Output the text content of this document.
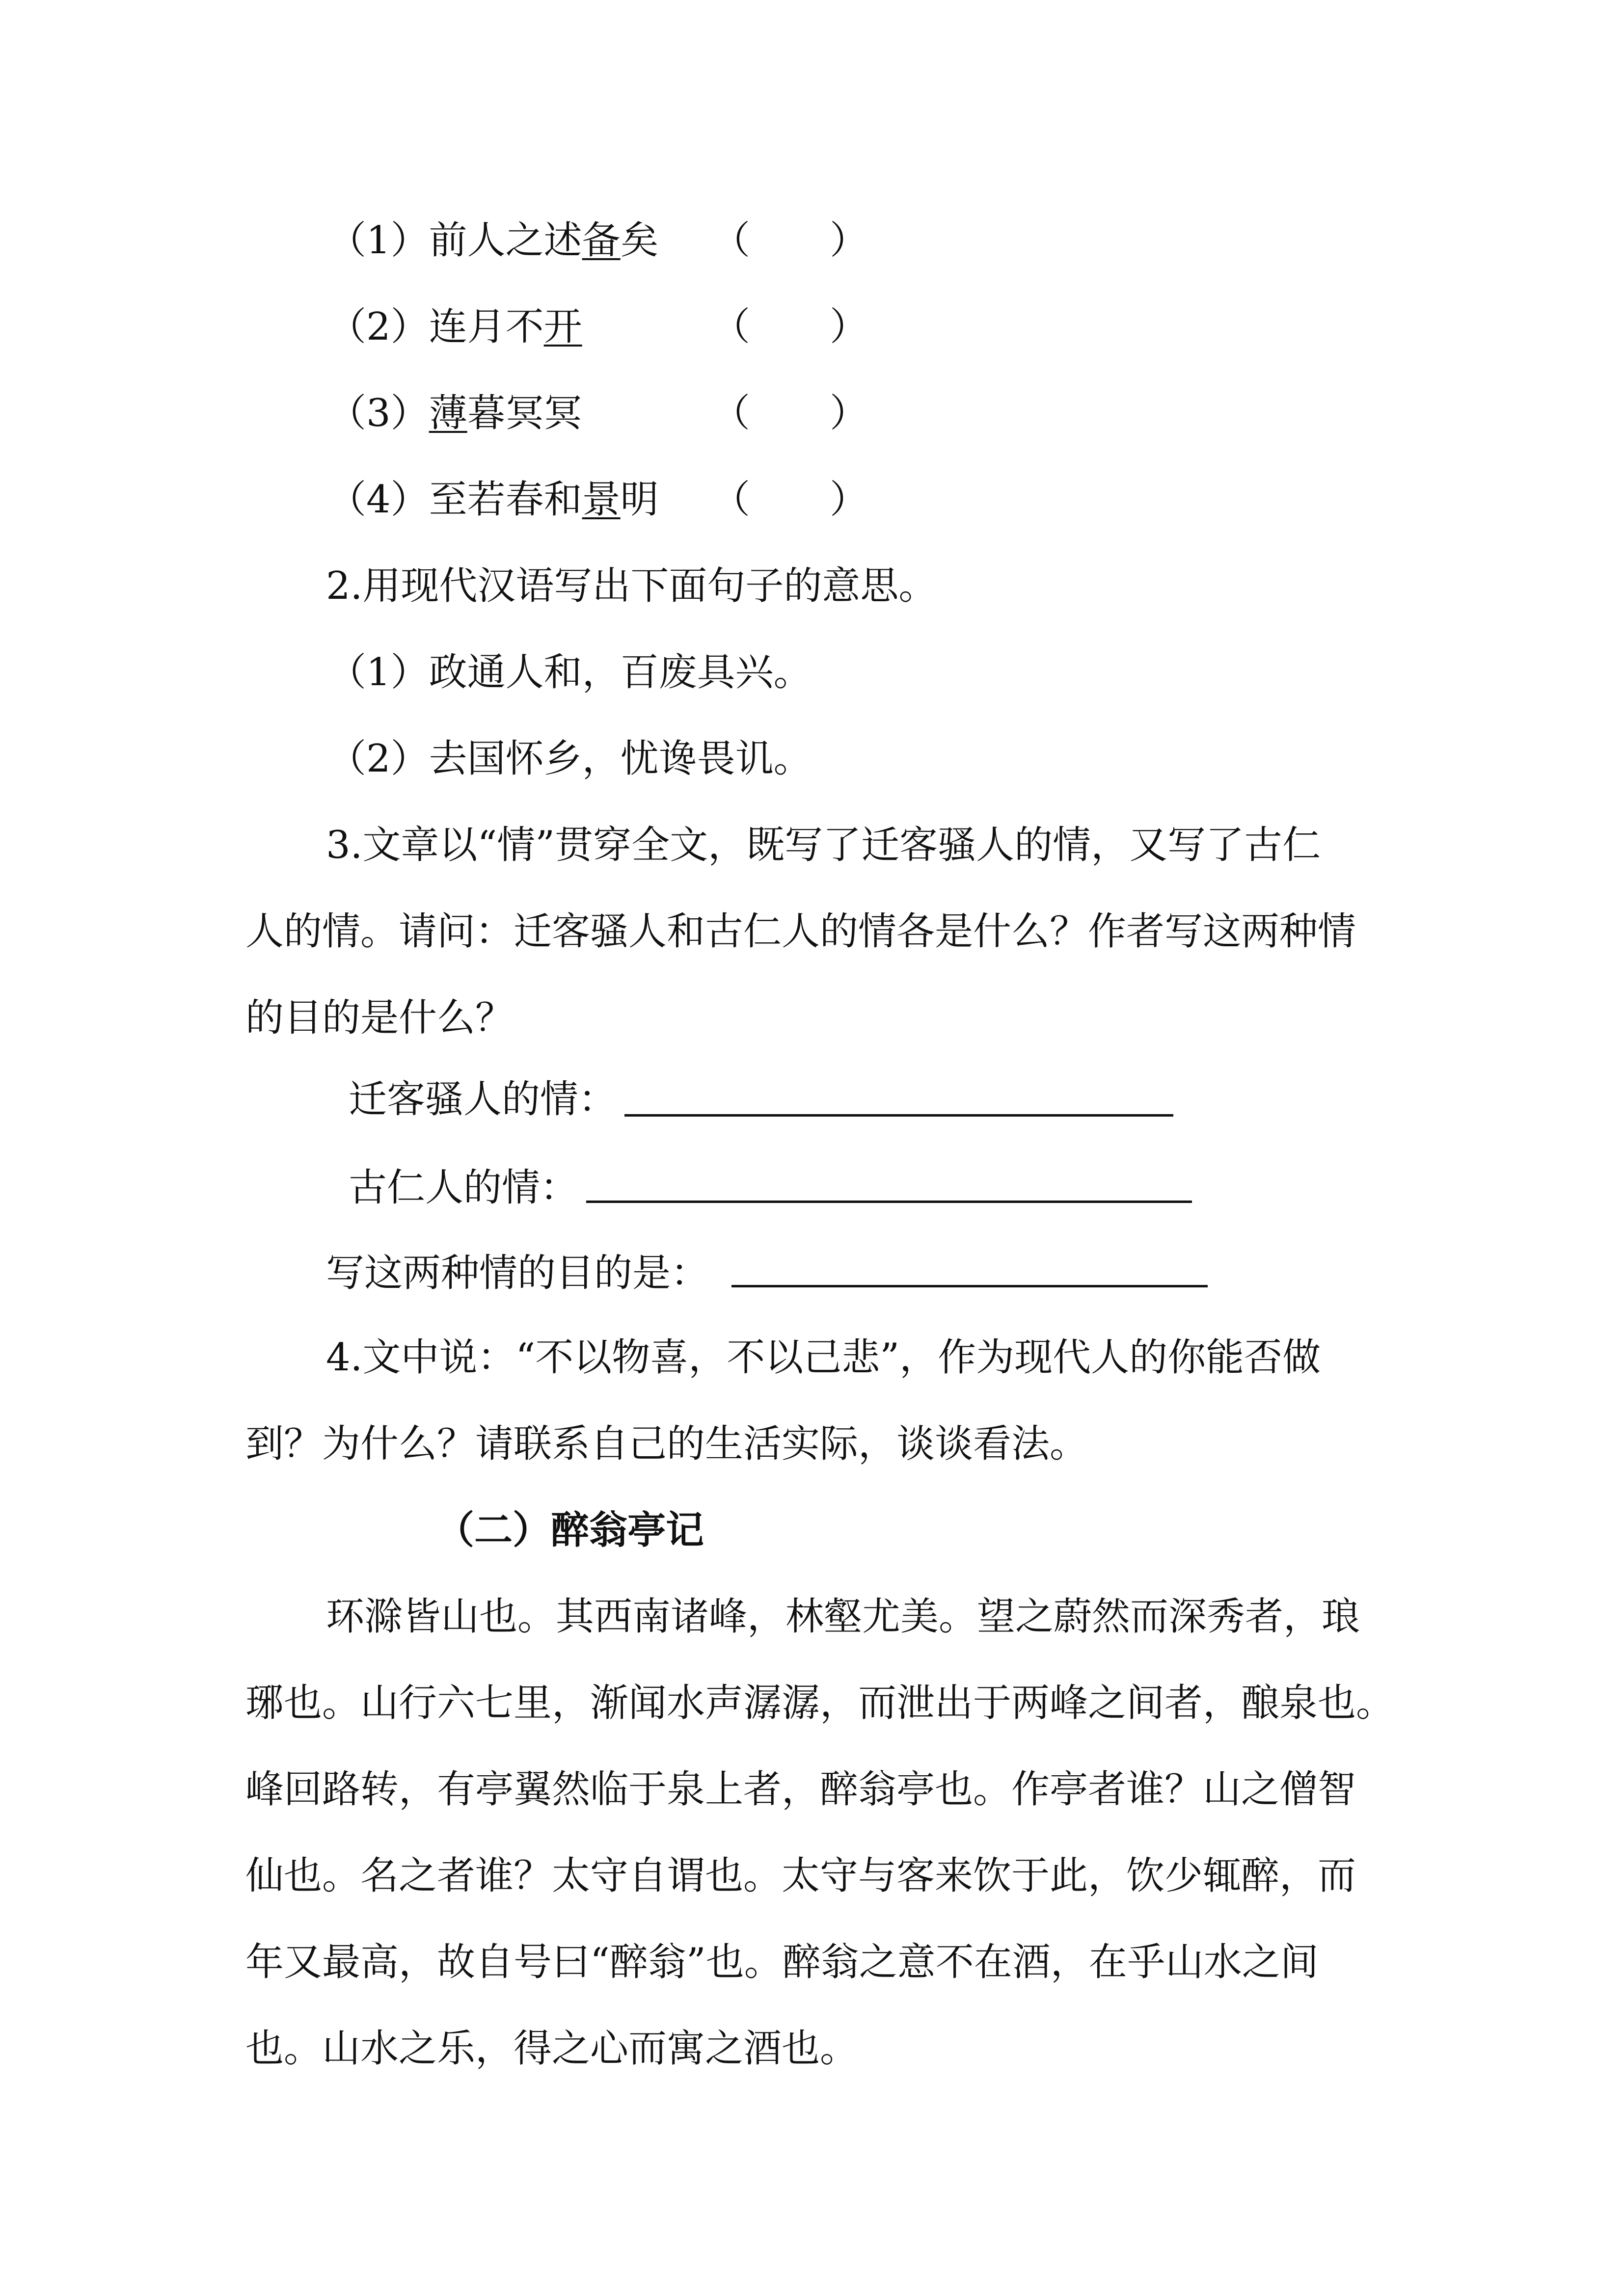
（1）前人之述备矣 （ ）
（2）连月不开	（ ）
（3）薄暮冥冥	（ ）
（4）至若春和景明 （ ）
2.用现代汉语写出下面句子的意思。
（1）政通人和，百废具兴。
（2）去国怀乡，忧谗畏讥。
3.文章以“情”贯穿全文，既写了迁客骚人的情，又写了古仁
人的情。请问：迁客骚人和古仁人的情各是什么？作者写这两种情
的目的是什么？
迁客骚人的情：
古仁人的情：
写这两种情的目的是：
4.文中说：“不以物喜，不以己悲”，作为现代人的你能否做
到？为什么？请联系自己的生活实际，谈谈看法。
（二）醉翁亭记
环滁皆山也。其西南诸峰，林壑尤美。望之蔚然而深秀者，琅
琊也。山行六七里，渐闻水声潺潺，而泄出于两峰之间者，酿泉也。
峰回路转，有亭翼然临于泉上者，醉翁亭也。作亭者谁？山之僧智
仙也。名之者谁？太守自谓也。太守与客来饮于此，饮少辄醉，而
年又最高，故自号曰“醉翁”也。醉翁之意不在酒，在乎山水之间
也。山水之乐，得之心而寓之酒也。
